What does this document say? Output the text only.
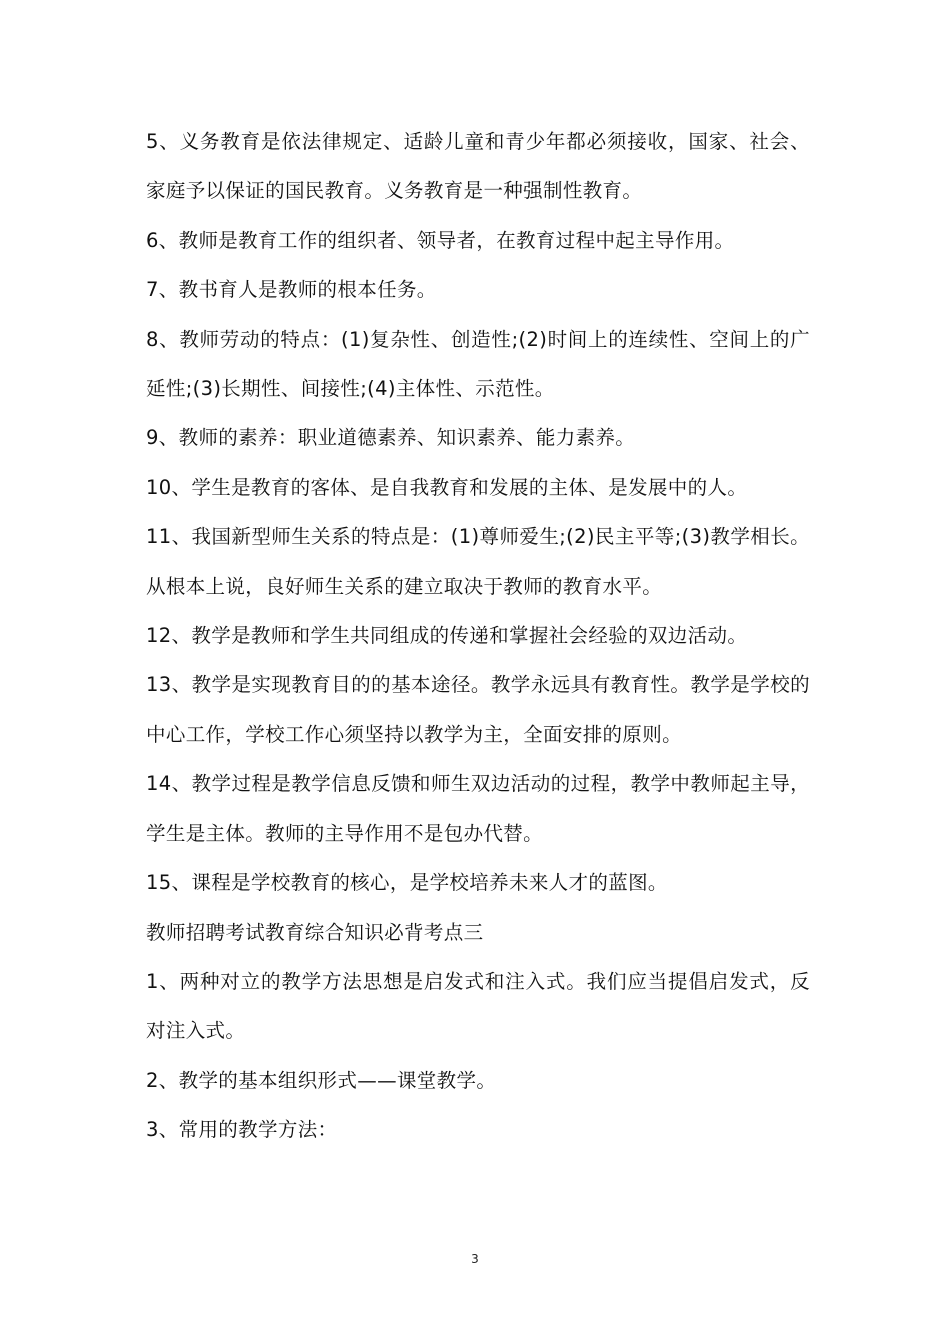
5、义务教育是依法律规定、适龄儿童和青少年都必须接收，国家、社会、家庭予以保证的国民教育。义务教育是一种强制性教育。

6、教师是教育工作的组织者、领导者，在教育过程中起主导作用。

7、教书育人是教师的根本任务。

8、教师劳动的特点：(1)复杂性、创造性;(2)时间上的连续性、空间上的广延性;(3)长期性、间接性;(4)主体性、示范性。

9、教师的素养：职业道德素养、知识素养、能力素养。

10、学生是教育的客体、是自我教育和发展的主体、是发展中的人。

11、我国新型师生关系的特点是：(1)尊师爱生;(2)民主平等;(3)教学相长。从根本上说，良好师生关系的建立取决于教师的教育水平。

12、教学是教师和学生共同组成的传递和掌握社会经验的双边活动。

13、教学是实现教育目的的基本途径。教学永远具有教育性。教学是学校的中心工作，学校工作心须坚持以教学为主，全面安排的原则。

14、教学过程是教学信息反馈和师生双边活动的过程，教学中教师起主导，学生是主体。教师的主导作用不是包办代替。

15、课程是学校教育的核心，是学校培养未来人才的蓝图。

教师招聘考试教育综合知识必背考点三

1、两种对立的教学方法思想是启发式和注入式。我们应当提倡启发式，反对注入式。

2、教学的基本组织形式——课堂教学。

3、常用的教学方法：

3
